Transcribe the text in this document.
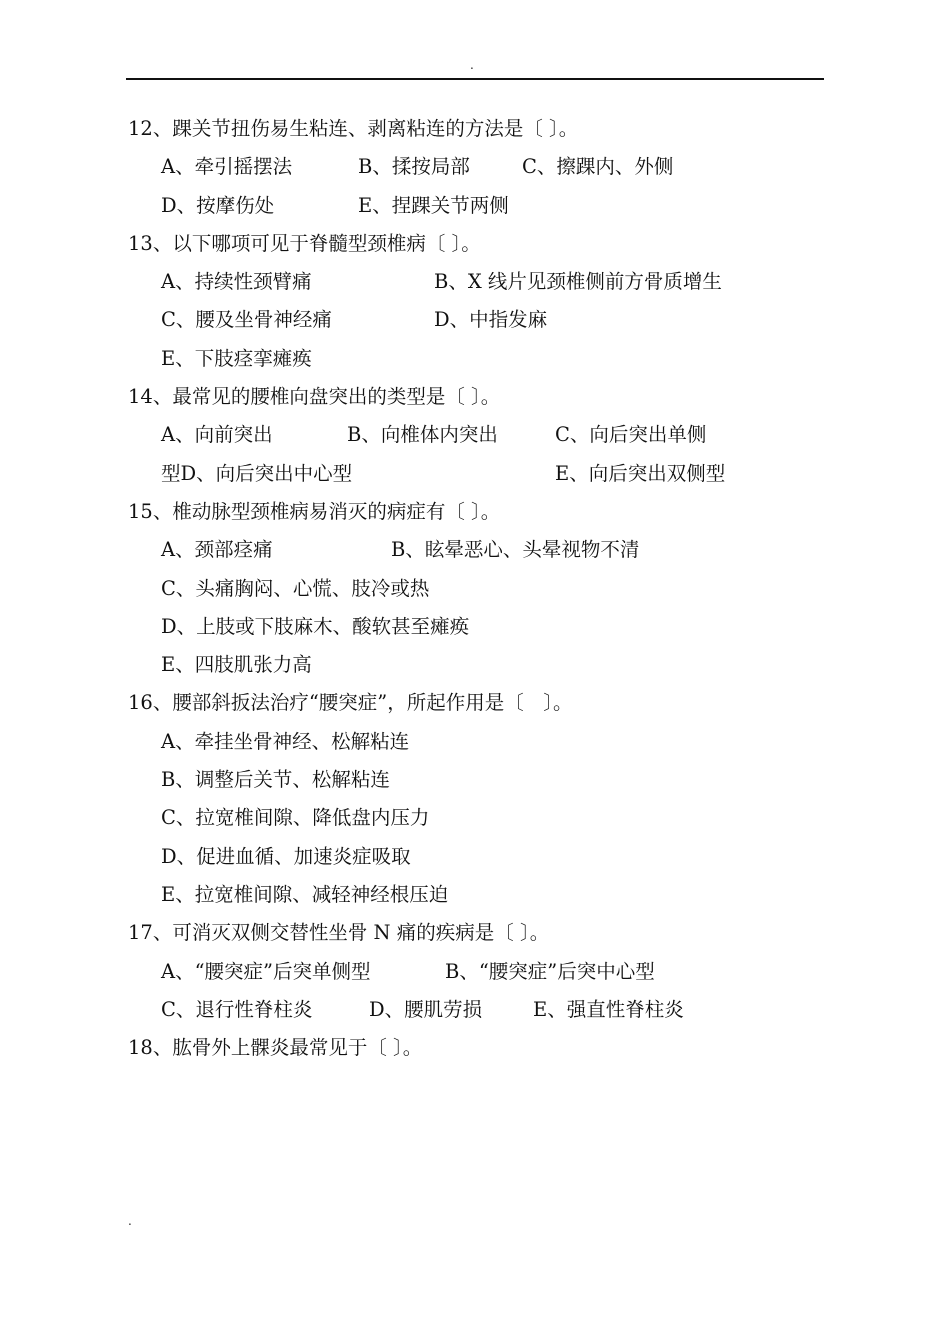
.
12、踝关节扭伤易生粘连、剥离粘连的方法是〔 〕。
A、牵引摇摆法	B、揉按局部	C、擦踝内、外侧
D、按摩伤处	E、捏踝关节两侧
13、以下哪项可见于脊髓型颈椎病〔 〕。
A、持续性颈臂痛	B、X 线片见颈椎侧前方骨质增生
C、腰及坐骨神经痛	D、中指发麻
E、下肢痉挛瘫痪
14、最常见的腰椎向盘突出的类型是〔 〕。
A、向前突出	B、向椎体内突出	C、向后突出单侧
型D、向后突出中心型	E、向后突出双侧型
15、椎动脉型颈椎病易消灭的病症有〔 〕。
A、颈部痉痛	B、眩晕恶心、头晕视物不清
C、头痛胸闷、心慌、肢冷或热
D、上肢或下肢麻木、酸软甚至瘫痪
E、四肢肌张力高
16、腰部斜扳法治疗“腰突症”，所起作用是〔　〕。
A、牵挂坐骨神经、松解粘连
B、调整后关节、松解粘连
C、拉宽椎间隙、降低盘内压力
D、促进血循、加速炎症吸取
E、拉宽椎间隙、减轻神经根压迫
17、可消灭双侧交替性坐骨 N 痛的疾病是〔 〕。
A、“腰突症”后突单侧型	B、“腰突症”后突中心型
C、退行性脊柱炎	D、腰肌劳损	E、强直性脊柱炎
18、肱骨外上髁炎最常见于〔 〕。
.
